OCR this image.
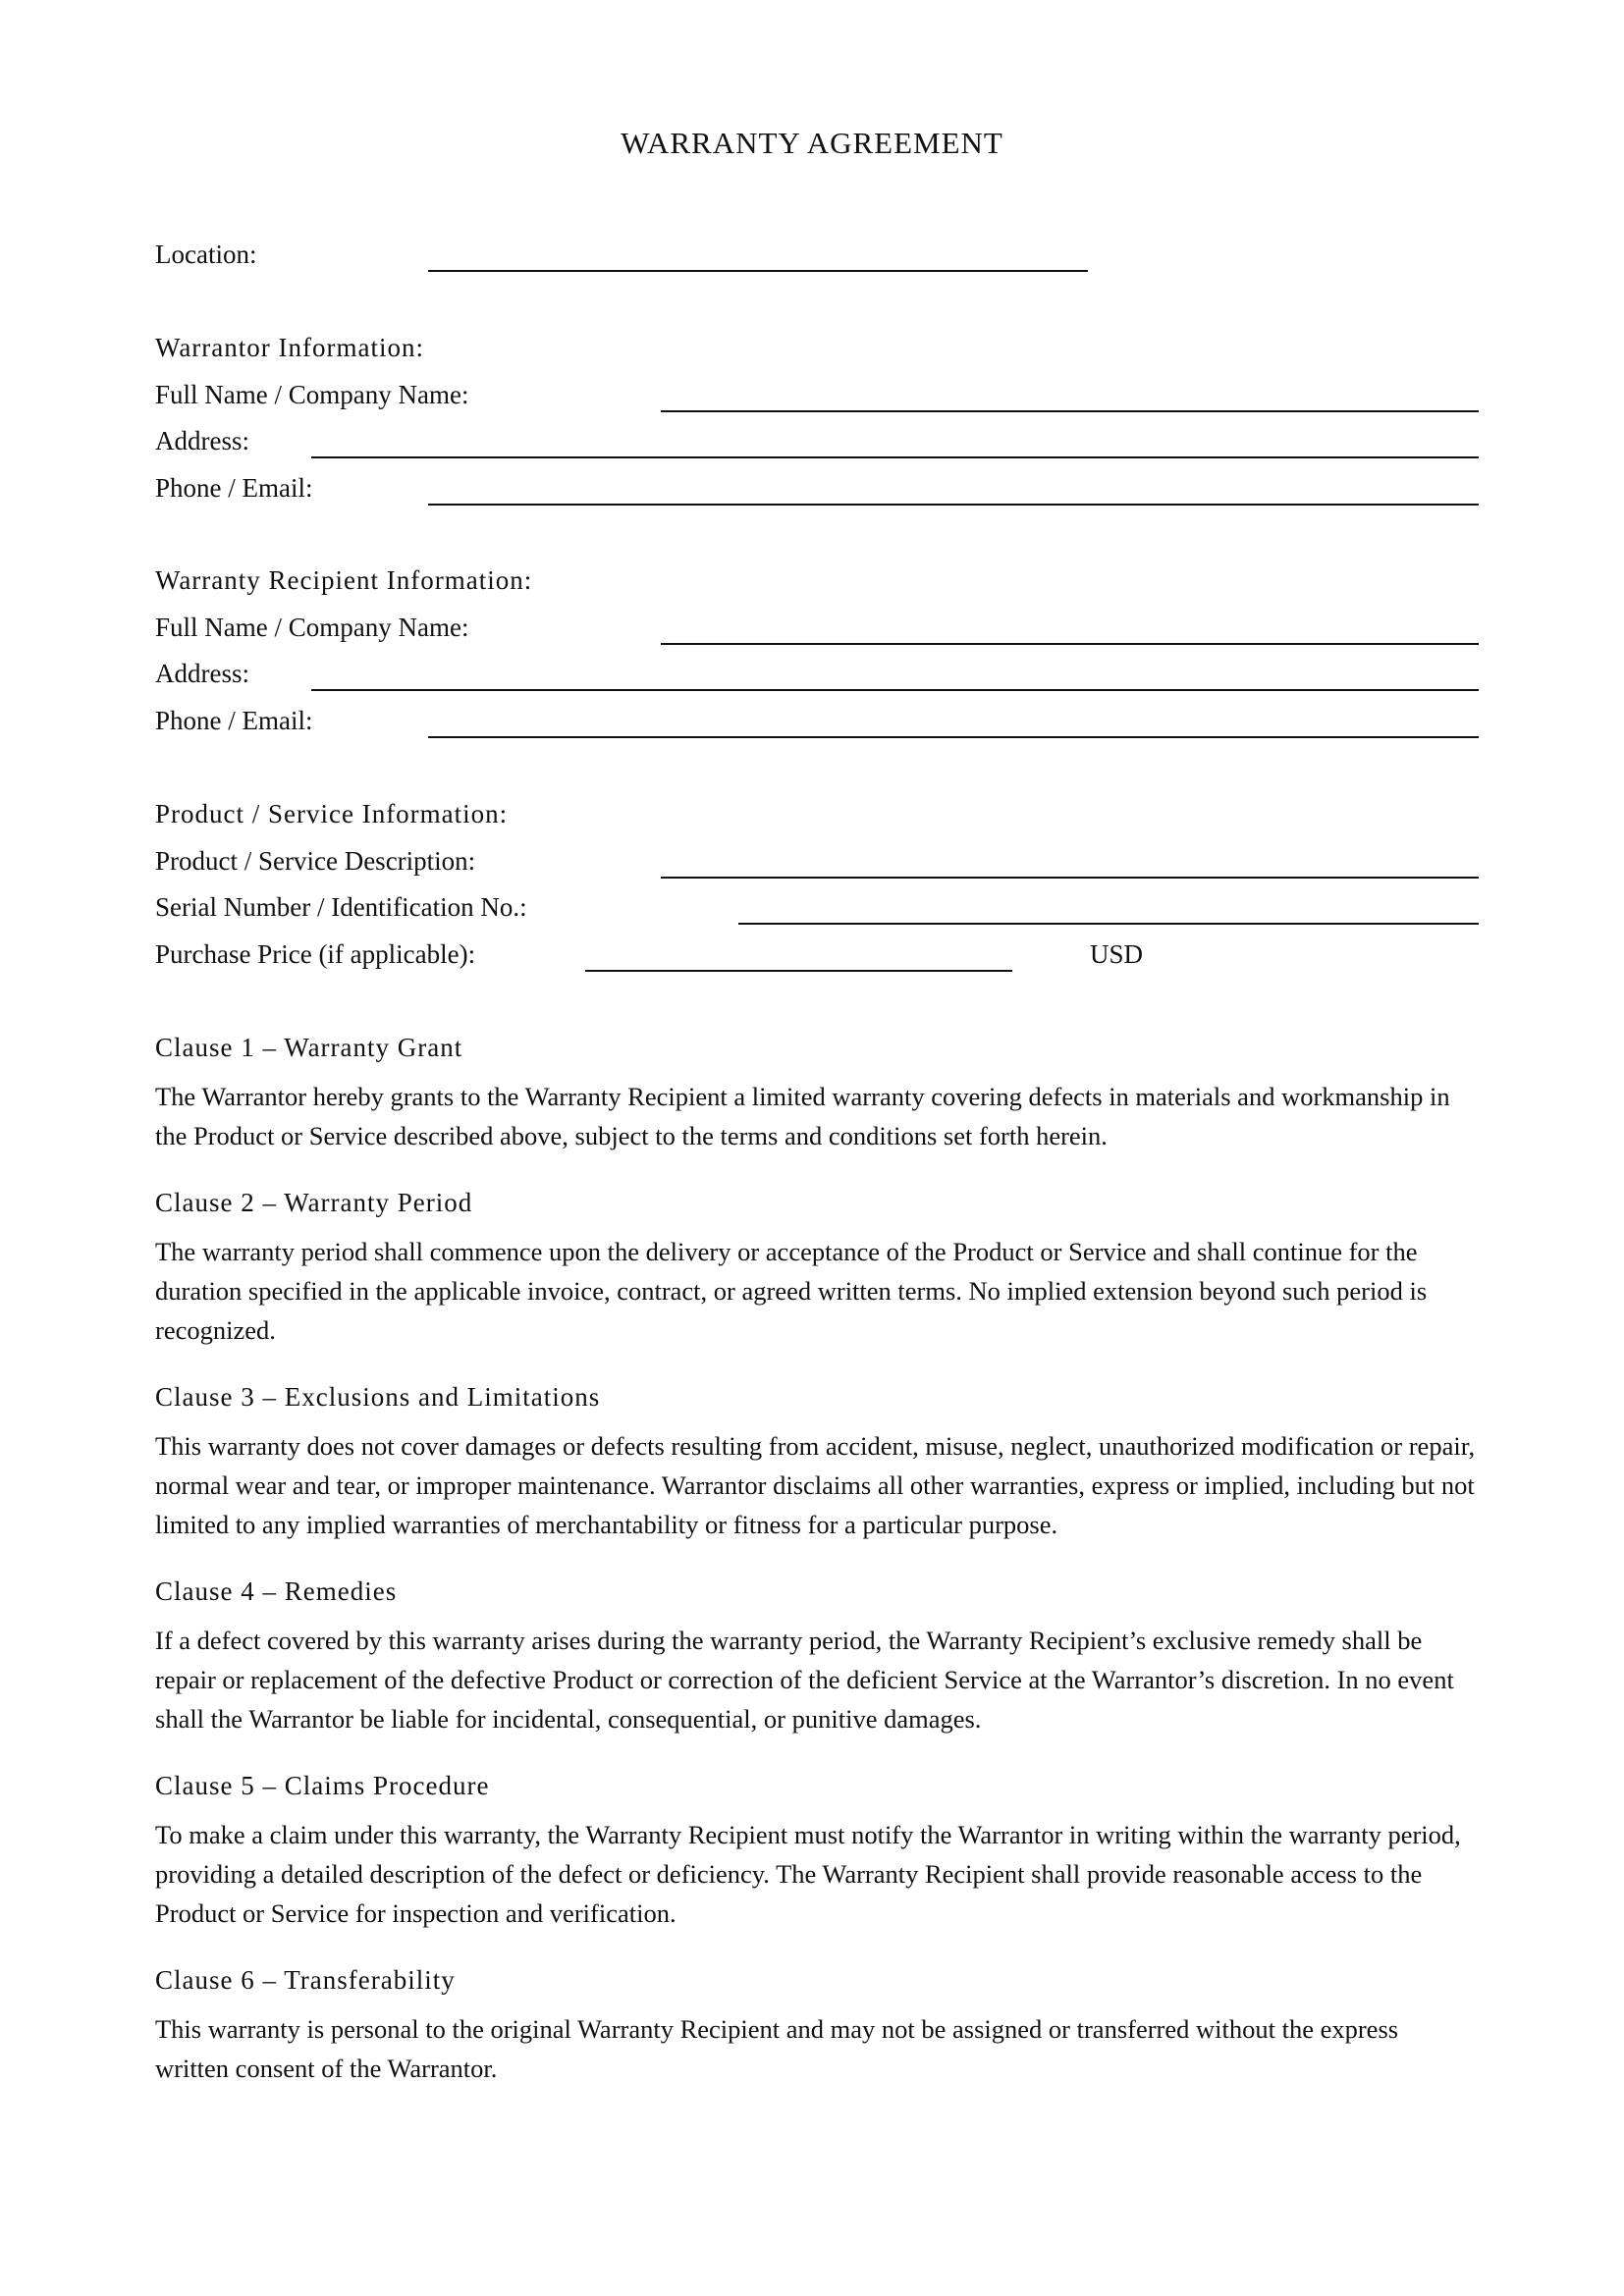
WARRANTY AGREEMENT
Location:
Warrantor Information:
Full Name / Company Name:
Address:
Phone / Email:
Warranty Recipient Information:
Full Name / Company Name:
Address:
Phone / Email:
Product / Service Information:
Product / Service Description:
Serial Number / Identification No.:
Purchase Price (if applicable):	USD
Clause 1 – Warranty Grant
The Warrantor hereby grants to the Warranty Recipient a limited warranty covering defects in materials and workmanship in the Product or Service described above, subject to the terms and conditions set forth herein.
Clause 2 – Warranty Period
The warranty period shall commence upon the delivery or acceptance of the Product or Service and shall continue for the duration specified in the applicable invoice, contract, or agreed written terms. No implied extension beyond such period is recognized.
Clause 3 – Exclusions and Limitations
This warranty does not cover damages or defects resulting from accident, misuse, neglect, unauthorized modification or repair, normal wear and tear, or improper maintenance. Warrantor disclaims all other warranties, express or implied, including but not limited to any implied warranties of merchantability or fitness for a particular purpose.
Clause 4 – Remedies
If a defect covered by this warranty arises during the warranty period, the Warranty Recipient’s exclusive remedy shall be repair or replacement of the defective Product or correction of the deficient Service at the Warrantor’s discretion. In no event shall the Warrantor be liable for incidental, consequential, or punitive damages.
Clause 5 – Claims Procedure
To make a claim under this warranty, the Warranty Recipient must notify the Warrantor in writing within the warranty period, providing a detailed description of the defect or deficiency. The Warranty Recipient shall provide reasonable access to the Product or Service for inspection and verification.
Clause 6 – Transferability
This warranty is personal to the original Warranty Recipient and may not be assigned or transferred without the express written consent of the Warrantor.
